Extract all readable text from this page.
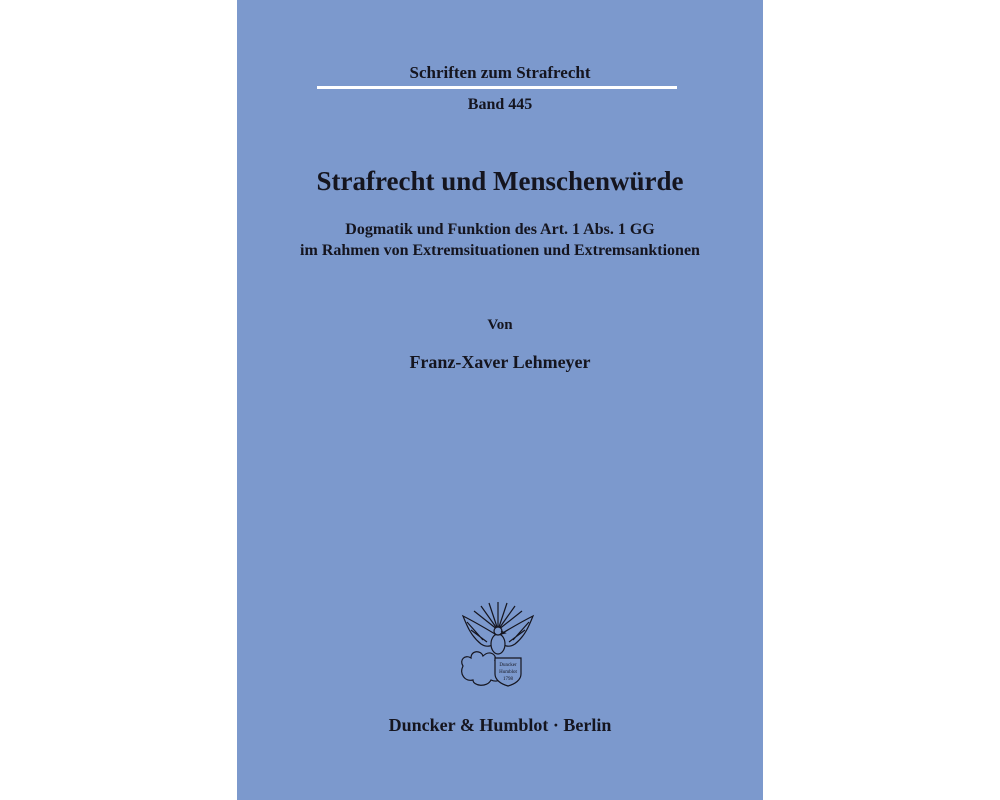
Schriften zum Strafrecht
Band 445
Strafrecht und Menschenwürde
Dogmatik und Funktion des Art. 1 Abs. 1 GG
im Rahmen von Extremsituationen und Extremsanktionen
Von
Franz-Xaver Lehmeyer
Duncker
Humblot
1798
Duncker & Humblot · Berlin
